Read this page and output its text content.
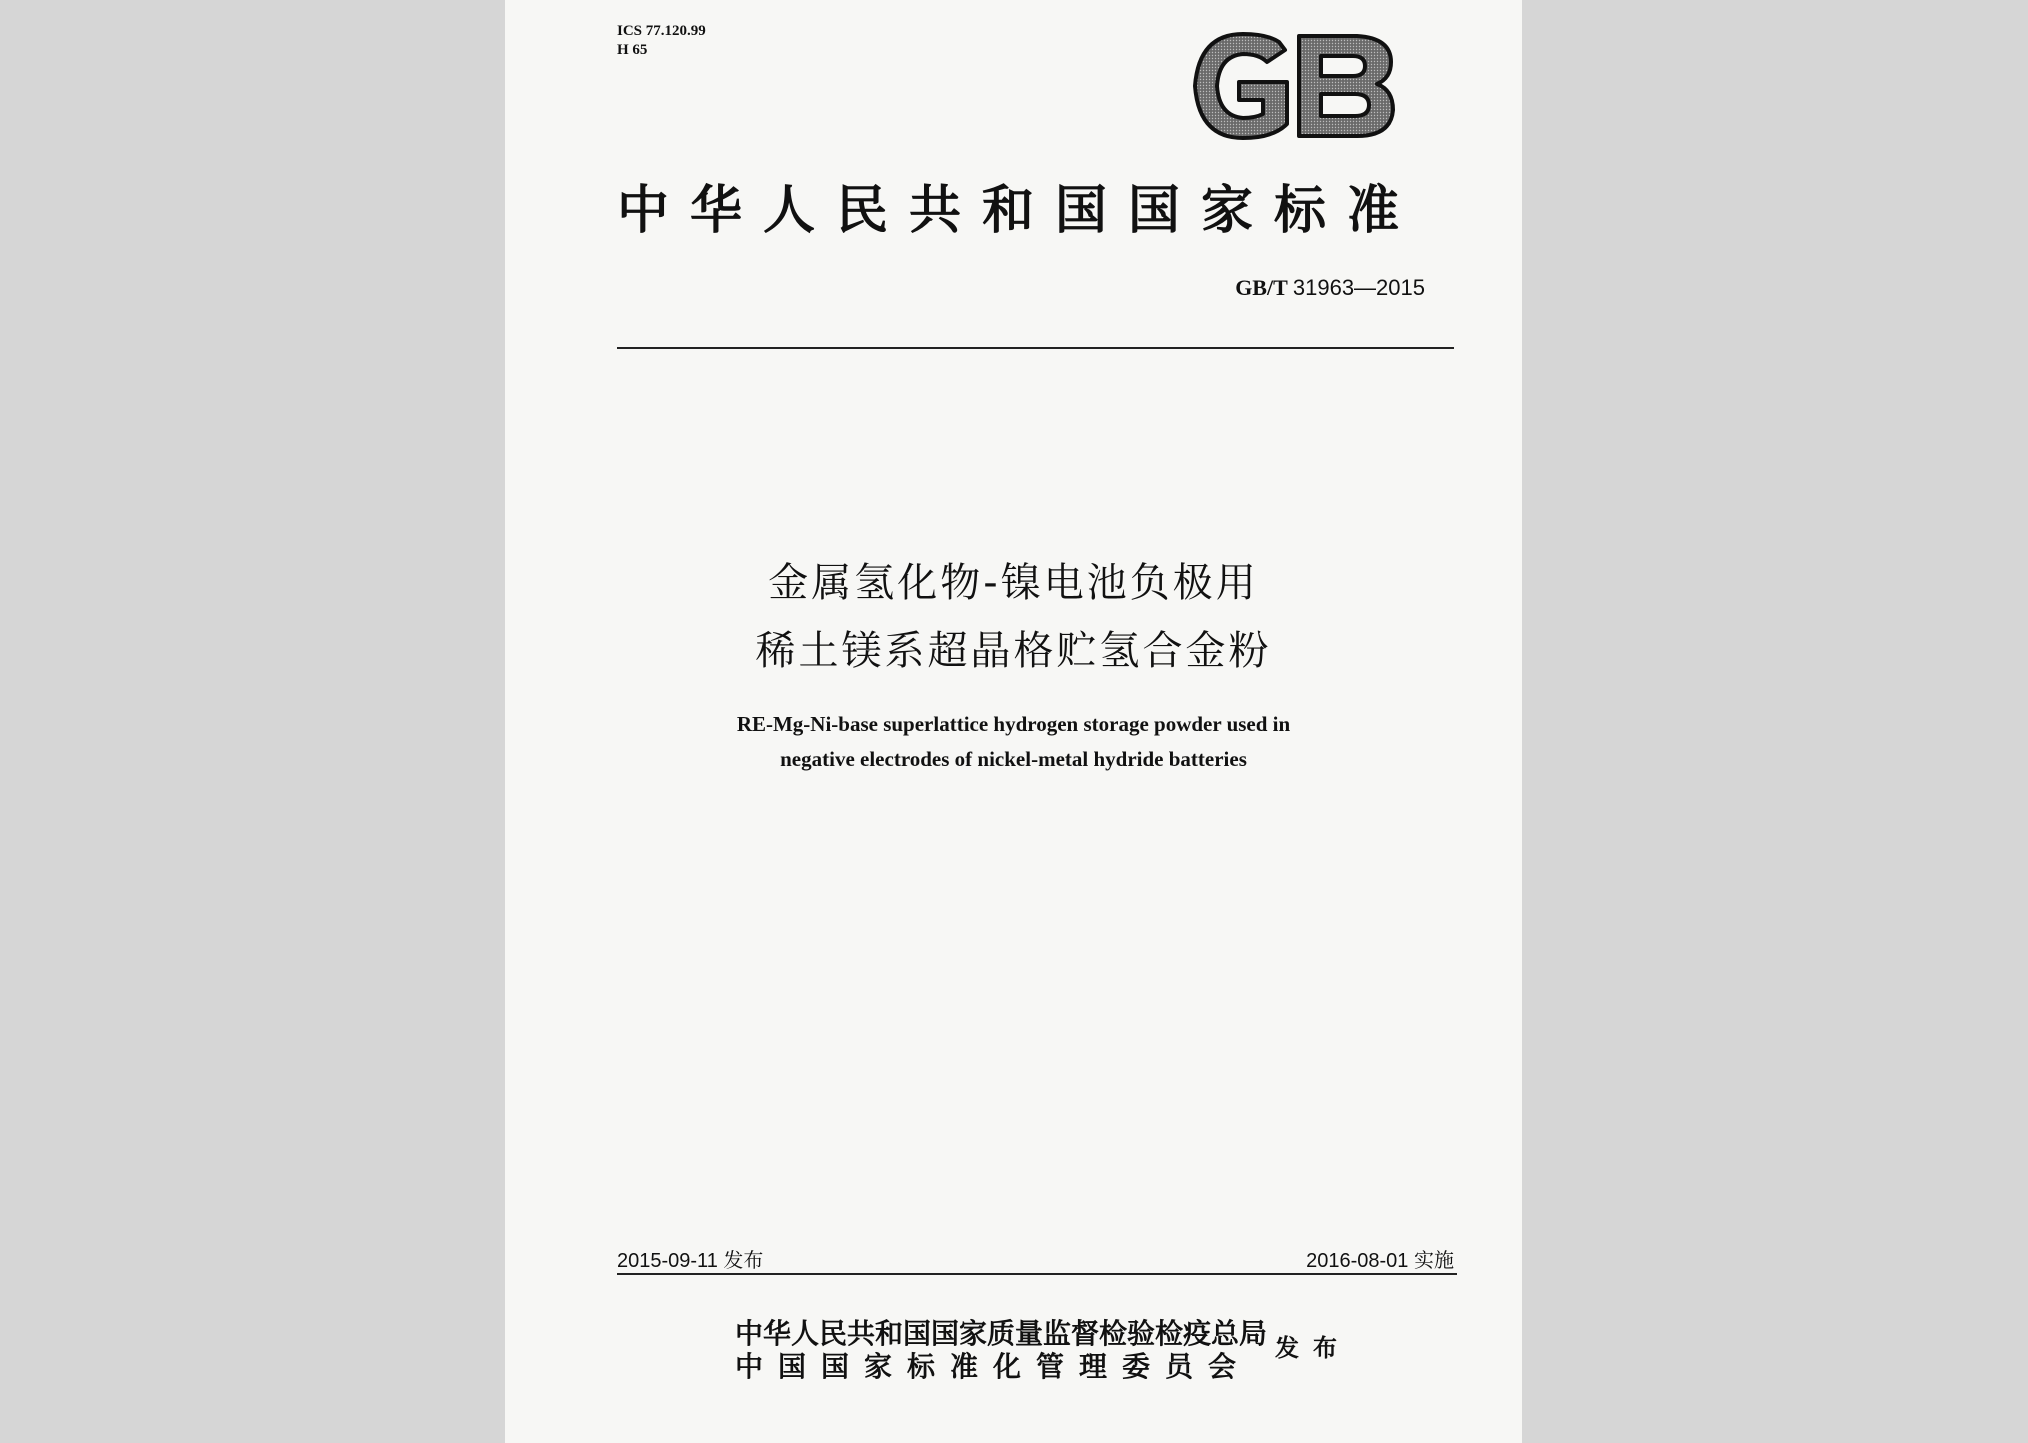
ICS 77.120.99
H 65
中华人民共和国国家标准
GB/T 31963—2015
金属氢化物-镍电池负极用
稀土镁系超晶格贮氢合金粉
RE-Mg-Ni-base superlattice hydrogen storage powder used in
negative electrodes of nickel-metal hydride batteries
2015-09-11 发布	2016-08-01 实施
中华人民共和国国家质量监督检验检疫总局
中国国家标准化管理委员会
发布
